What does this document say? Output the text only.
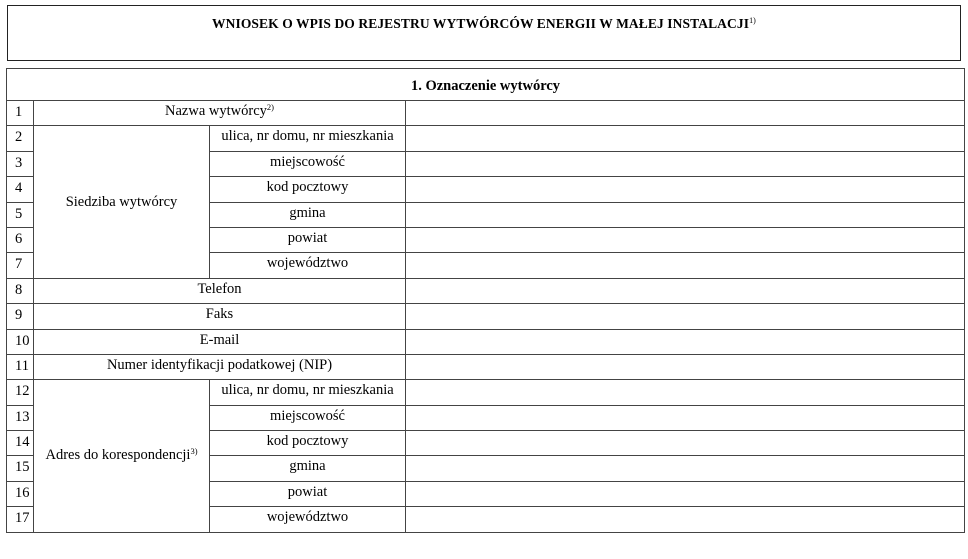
WNIOSEK O WPIS DO REJESTRU WYTWÓRCÓW ENERGII W MAŁEJ INSTALACJI$^{1)}$
1. Oznaczenie wytwórcy			
1	Nazwa wytwórcy$^{2)}$	
2	Siedziba wytwórcy	ulica, nr domu, nr mieszkania	
3		miejscowość	
4		kod pocztowy	
5		gmina	
6		powiat	
7		województwo	
8	Telefon		
9	Faks		
10	E-mail		
11	Numer identyfikacji podatkowej (NIP)		
12	Adres do korespondencji$^{3)}$	ulica, nr domu, nr mieszkania	
13		miejscowość	
14		kod pocztowy	
15		gmina	
16		powiat	
17		województwo	
